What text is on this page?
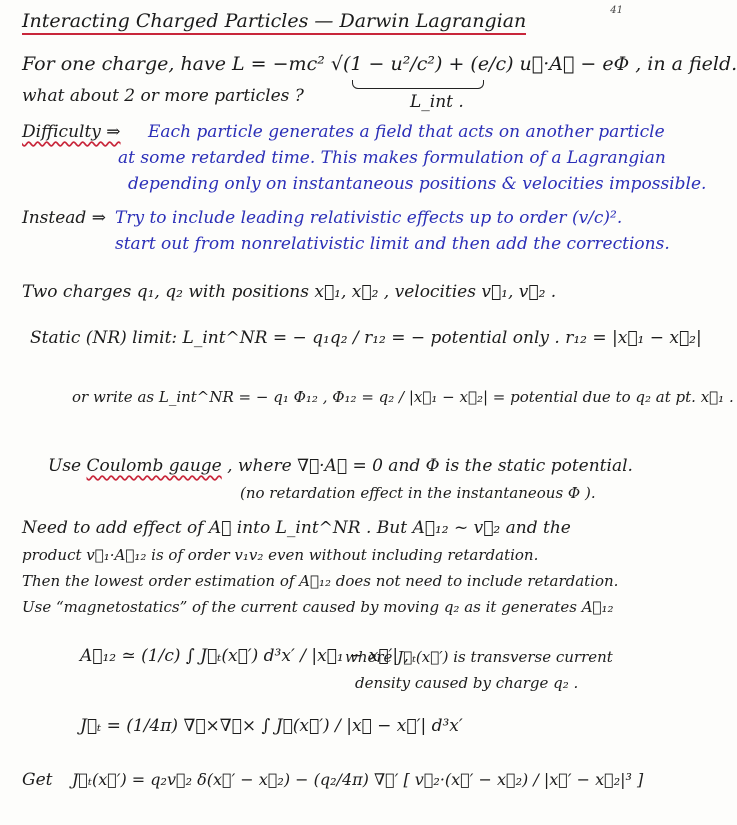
41
Interacting Charged Particles — Darwin Lagrangian
For one charge, have L = −mc² √(1 − u²/c²) + (e/c) u⃗·A⃗ − eΦ , in a field.
what about 2 or more particles ?	L_int .
Difficulty ⇒ Each particle generates a field that acts on another particle
at some retarded time. This makes formulation of a Lagrangian
depending only on instantaneous positions & velocities impossible.
Instead ⇒ Try to include leading relativistic effects up to order (v/c)².
start out from nonrelativistic limit and then add the corrections.
Two charges q₁, q₂ with positions x⃗₁, x⃗₂ , velocities v⃗₁, v⃗₂ .
Static (NR) limit: L_int^NR = − q₁q₂ / r₁₂ = − potential only . r₁₂ = |x⃗₁ − x⃗₂|
or write as L_int^NR = − q₁ Φ₁₂ , Φ₁₂ = q₂ / |x⃗₁ − x⃗₂| = potential due to q₂ at pt. x⃗₁ .
Use Coulomb gauge , where ∇⃗·A⃗ = 0 and Φ is the static potential.
(no retardation effect in the instantaneous Φ ).
Need to add effect of A⃗ into L_int^NR . But A⃗₁₂ ~ v⃗₂ and the
product v⃗₁·A⃗₁₂ is of order v₁v₂ even without including retardation.
Then the lowest order estimation of A⃗₁₂ does not need to include retardation.
Use “magnetostatics” of the current caused by moving q₂ as it generates A⃗₁₂
A⃗₁₂ ≃ (1/c) ∫ J⃗ₜ(x⃗′) d³x′ / |x⃗₁ − x⃗′| ,
where J⃗ₜ(x⃗′) is transverse current
density caused by charge q₂ .
J⃗ₜ = (1/4π) ∇⃗×∇⃗× ∫ J⃗(x⃗′) / |x⃗ − x⃗′| d³x′
Get J⃗ₜ(x⃗′) = q₂v⃗₂ δ(x⃗′ − x⃗₂) − (q₂/4π) ∇⃗′ [ v⃗₂·(x⃗′ − x⃗₂) / |x⃗′ − x⃗₂|³ ]
